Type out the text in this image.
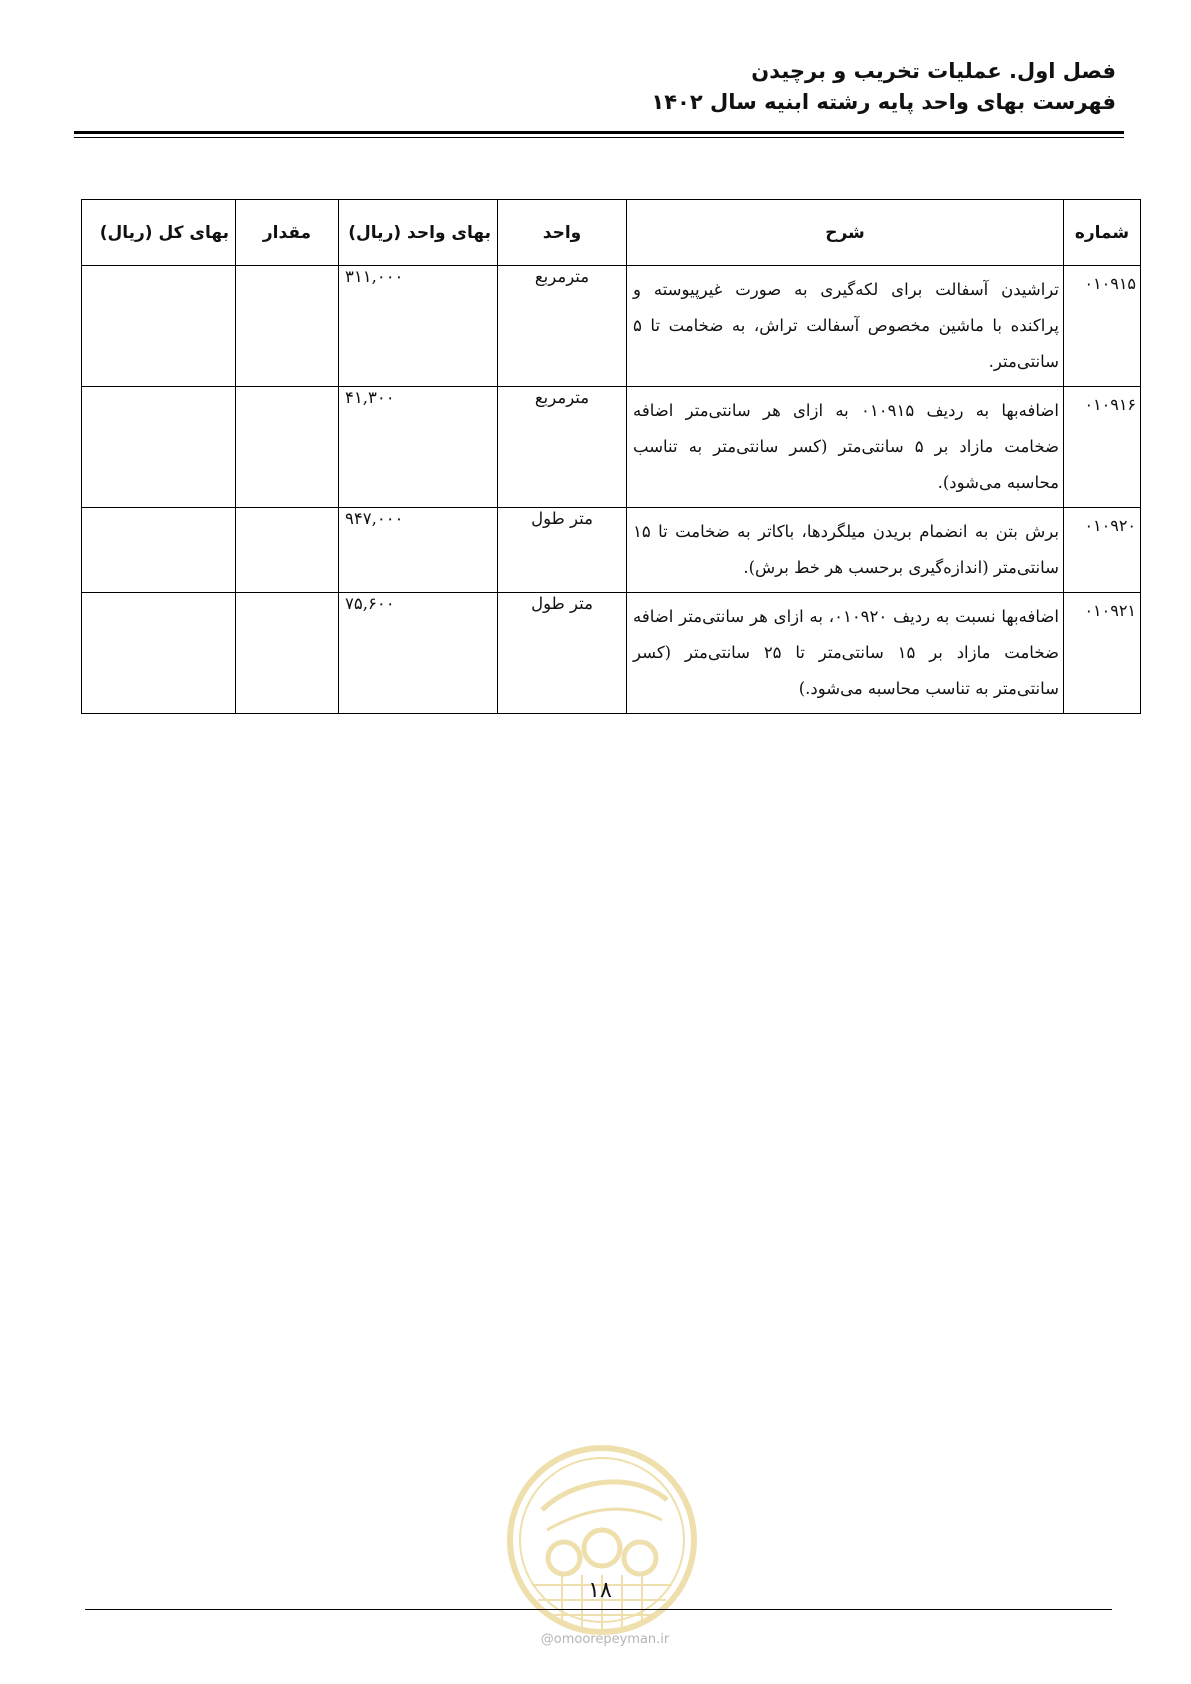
فصل اول. عملیات تخریب و برچیدن
فهرست بهای واحد پایه رشته ابنیه سال ۱۴۰۲
شماره	شرح	واحد	بهای واحد (ریال)	مقدار	بهای کل (ریال)
۰۱۰۹۱۵	تراشیدن آسفالت برای لکه‌گیری به صورت غیرپیوسته و پراکنده با ماشین مخصوص آسفالت تراش، به ضخامت تا ۵ سانتی‌متر.	مترمربع	۳۱۱,۰۰۰		
۰۱۰۹۱۶	اضافه‌بها به ردیف ۰۱۰۹۱۵ به ازای هر سانتی‌متر اضافه ضخامت مازاد بر ۵ سانتی‌متر (کسر سانتی‌متر به تناسب محاسبه می‌شود).	مترمربع	۴۱,۳۰۰		
۰۱۰۹۲۰	برش بتن به انضمام بریدن میلگردها، باکاتر به ضخامت تا ۱۵ سانتی‌متر (اندازه‌گیری برحسب هر خط برش).	متر طول	۹۴۷,۰۰۰		
۰۱۰۹۲۱	اضافه‌بها نسبت به ردیف ۰۱۰۹۲۰، به ازای هر سانتی‌متر اضافه ضخامت مازاد بر ۱۵ سانتی‌متر تا ۲۵ سانتی‌متر (کسر سانتی‌متر به تناسب محاسبه می‌شود.)	متر طول	۷۵,۶۰۰		
۱۸
@omoorepeyman.ir
